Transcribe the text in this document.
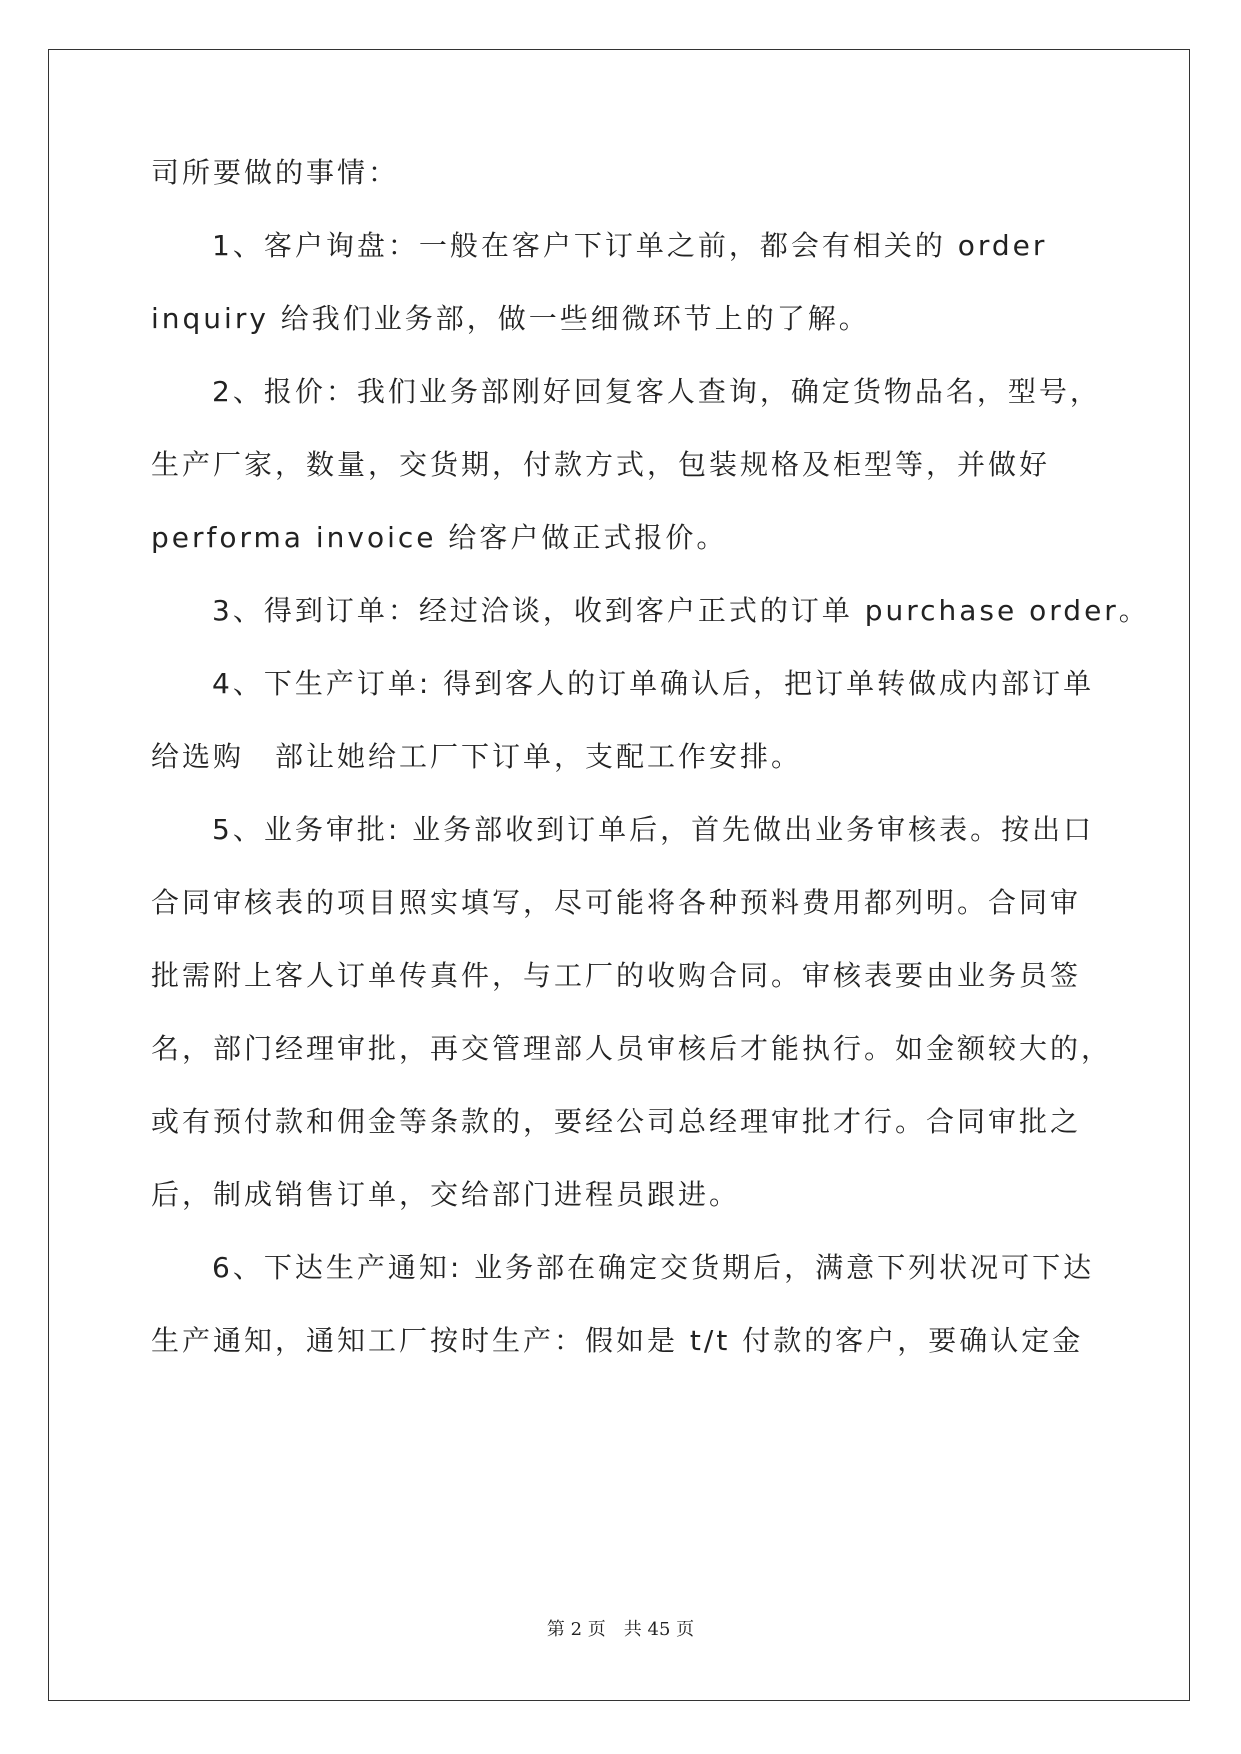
司所要做的事情：
1、客户询盘：一般在客户下订单之前，都会有相关的 order
inquiry 给我们业务部，做一些细微环节上的了解。
2、报价：我们业务部刚好回复客人查询，确定货物品名，型号，
生产厂家，数量，交货期，付款方式，包装规格及柜型等，并做好
performa invoice 给客户做正式报价。
3、得到订单：经过洽谈，收到客户正式的订单 purchase order。
4、下生产订单: 得到客人的订单确认后，把订单转做成内部订单
给选购　部让她给工厂下订单，支配工作安排。
5、业务审批: 业务部收到订单后，首先做出业务审核表。按出口
合同审核表的项目照实填写，尽可能将各种预料费用都列明。合同审
批需附上客人订单传真件，与工厂的收购合同。审核表要由业务员签
名，部门经理审批，再交管理部人员审核后才能执行。如金额较大的，
或有预付款和佣金等条款的，要经公司总经理审批才行。合同审批之
后，制成销售订单，交给部门进程员跟进。
6、下达生产通知: 业务部在确定交货期后，满意下列状况可下达
生产通知，通知工厂按时生产：假如是 t/t 付款的客户，要确认定金
第 2 页　共 45 页
